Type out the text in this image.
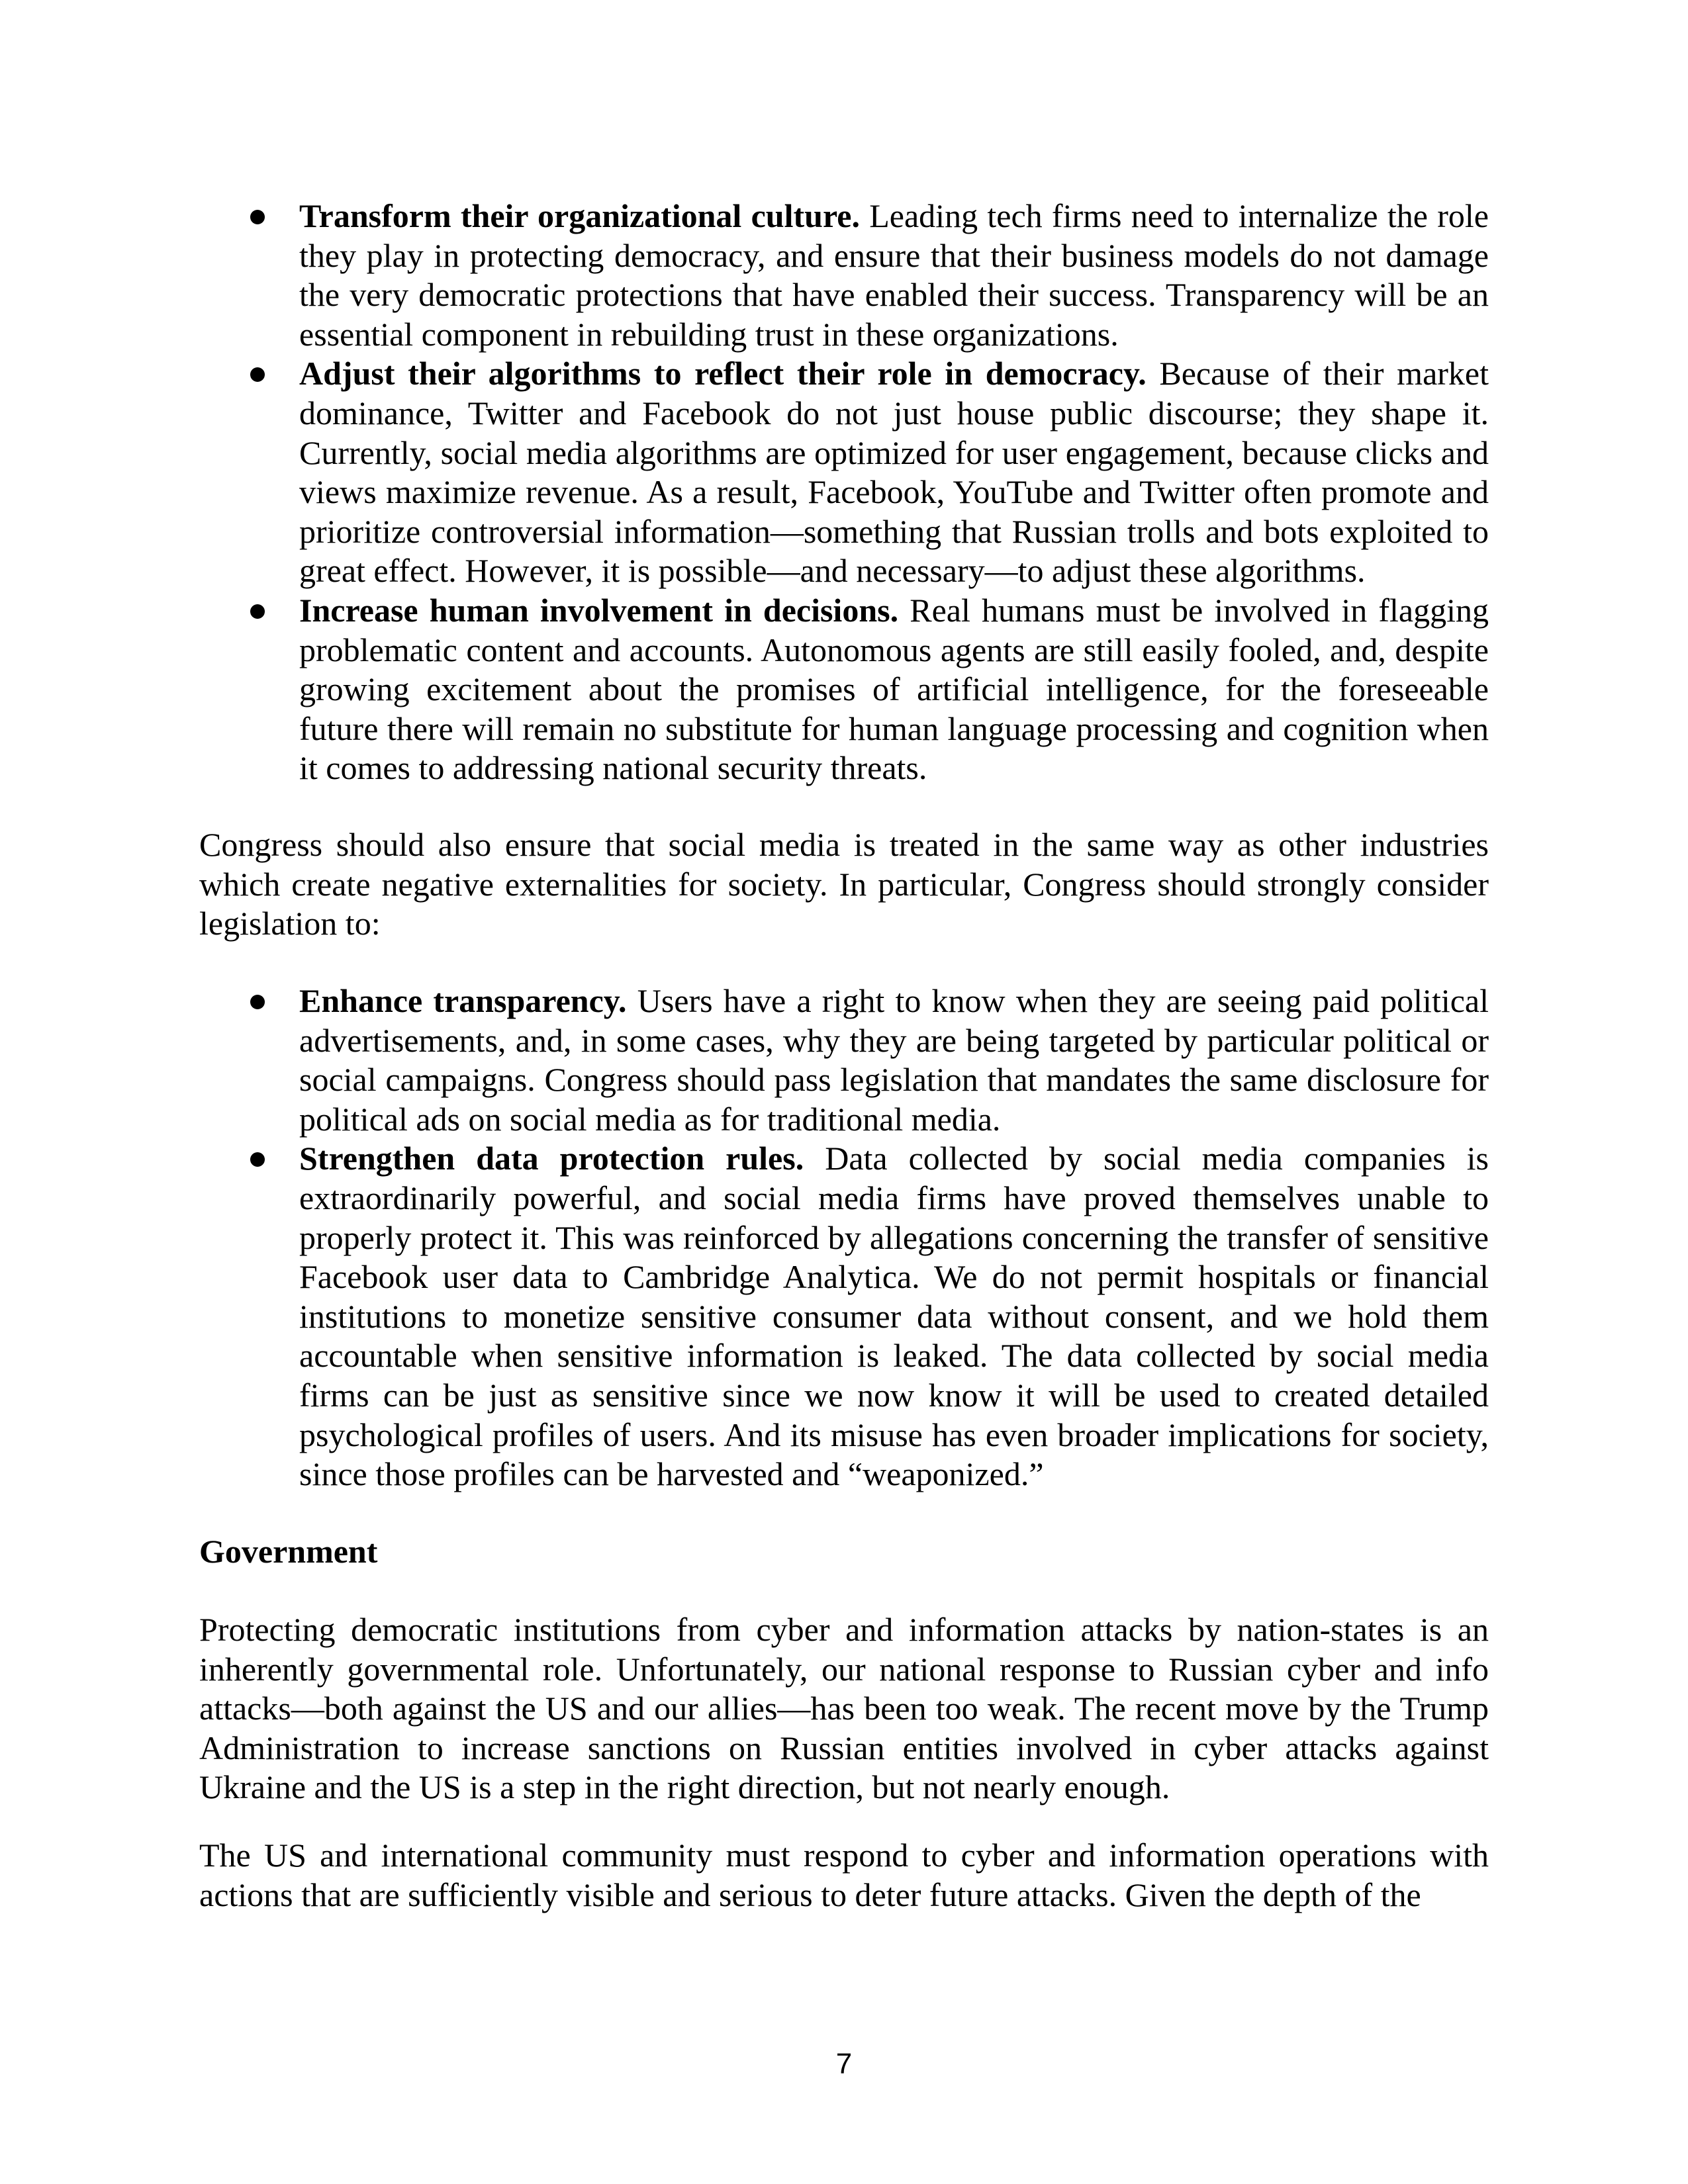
Transform their organizational culture. Leading tech firms need to internalize the role they play in protecting democracy, and ensure that their business models do not damage the very democratic protections that have enabled their success. Transparency will be an essential component in rebuilding trust in these organizations.
Adjust their algorithms to reflect their role in democracy. Because of their market dominance, Twitter and Facebook do not just house public discourse; they shape it. Currently, social media algorithms are optimized for user engagement, because clicks and views maximize revenue. As a result, Facebook, YouTube and Twitter often promote and prioritize controversial information—something that Russian trolls and bots exploited to great effect. However, it is possible—and necessary—to adjust these algorithms.
Increase human involvement in decisions. Real humans must be involved in flagging problematic content and accounts. Autonomous agents are still easily fooled, and, despite growing excitement about the promises of artificial intelligence, for the foreseeable future there will remain no substitute for human language processing and cognition when it comes to addressing national security threats.

Congress should also ensure that social media is treated in the same way as other industries which create negative externalities for society. In particular, Congress should strongly consider legislation to:

Enhance transparency. Users have a right to know when they are seeing paid political advertisements, and, in some cases, why they are being targeted by particular political or social campaigns. Congress should pass legislation that mandates the same disclosure for political ads on social media as for traditional media.
Strengthen data protection rules. Data collected by social media companies is extraordinarily powerful, and social media firms have proved themselves unable to properly protect it. This was reinforced by allegations concerning the transfer of sensitive Facebook user data to Cambridge Analytica. We do not permit hospitals or financial institutions to monetize sensitive consumer data without consent, and we hold them accountable when sensitive information is leaked. The data collected by social media firms can be just as sensitive since we now know it will be used to created detailed psychological profiles of users. And its misuse has even broader implications for society, since those profiles can be harvested and “weaponized.”
Government

Protecting democratic institutions from cyber and information attacks by nation-states is an inherently governmental role. Unfortunately, our national response to Russian cyber and info attacks—both against the US and our allies—has been too weak. The recent move by the Trump Administration to increase sanctions on Russian entities involved in cyber attacks against Ukraine and the US is a step in the right direction, but not nearly enough.

The US and international community must respond to cyber and information operations with actions that are sufficiently visible and serious to deter future attacks. Given the depth of the

7
